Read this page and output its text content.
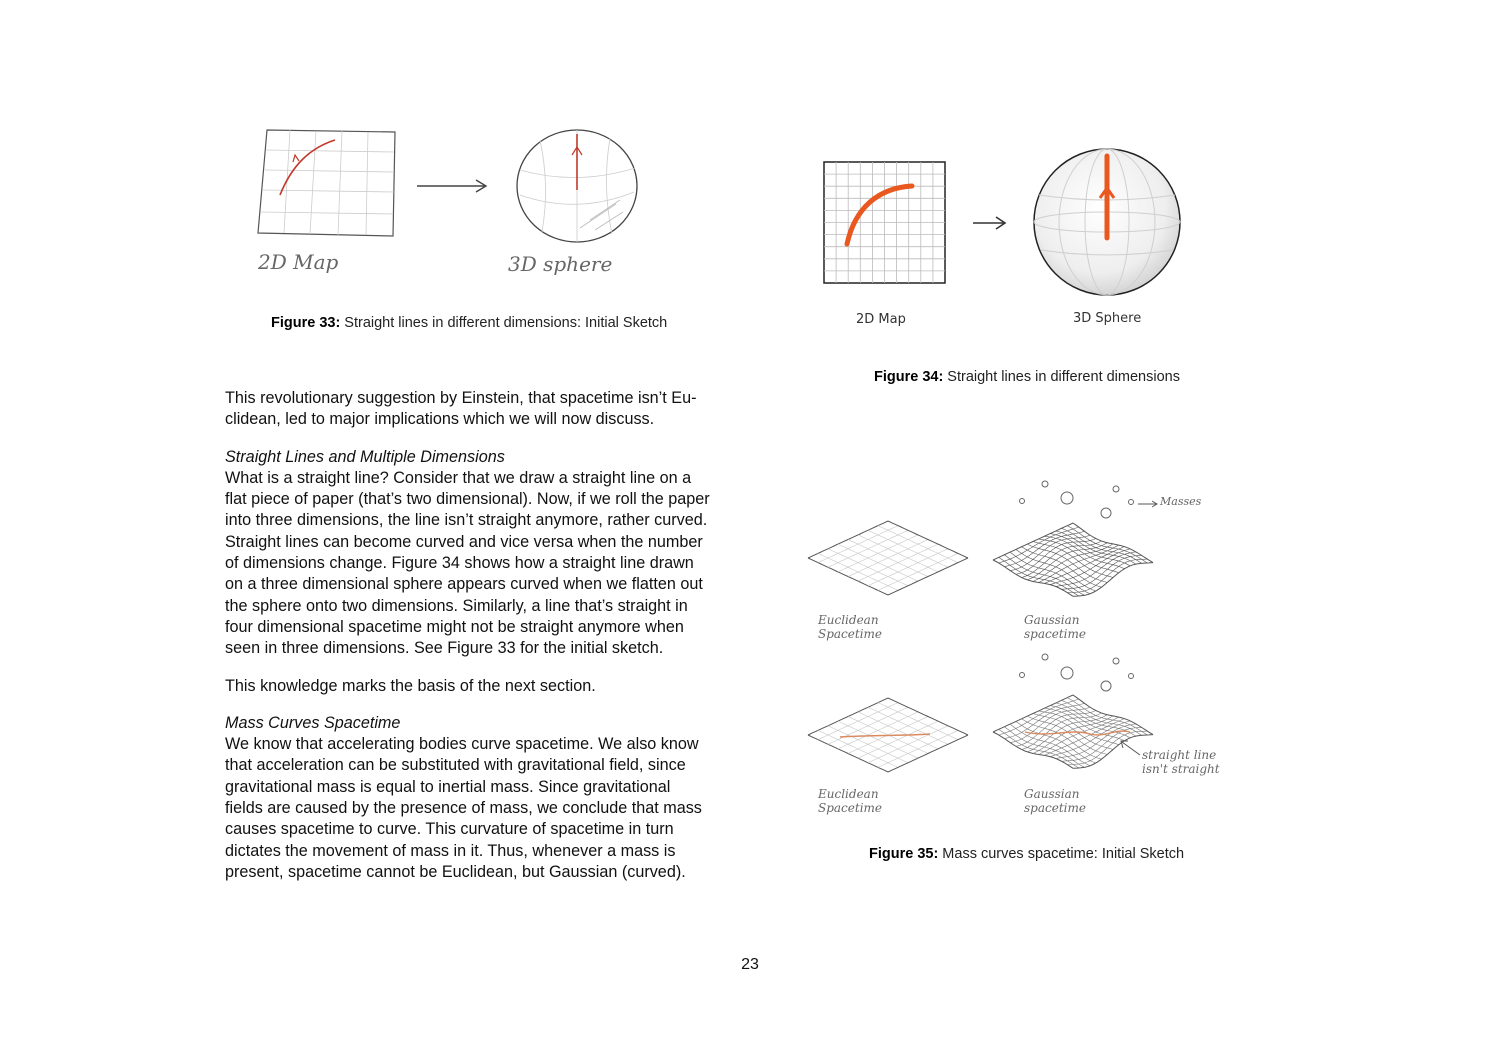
2D Map	3D sphere
Figure 33: Straight lines in different dimensions: Initial Sketch	2D Map	3D Sphere
Figure 34: Straight lines in different dimensions
Masses
Euclidean
Spacetime
Gaussian
spacetime
Euclidean
Spacetime
Gaussian
spacetime
straight line
isn't straight
Figure 35: Mass curves spacetime: Initial Sketch

This revolutionary suggestion by Einstein, that spacetime isn’t Eu-

clidean, led to major implications which we will now discuss.

Straight Lines and Multiple Dimensions

What is a straight line? Consider that we draw a straight line on a

flat piece of paper (that’s two dimensional). Now, if we roll the paper

into three dimensions, the line isn’t straight anymore, rather curved.

Straight lines can become curved and vice versa when the number

of dimensions change. Figure 34 shows how a straight line drawn

on a three dimensional sphere appears curved when we flatten out

the sphere onto two dimensions. Similarly, a line that’s straight in

four dimensional spacetime might not be straight anymore when

seen in three dimensions. See Figure 33 for the initial sketch.

This knowledge marks the basis of the next section.

Mass Curves Spacetime

We know that accelerating bodies curve spacetime. We also know

that acceleration can be substituted with gravitational field, since

gravitational mass is equal to inertial mass. Since gravitational

fields are caused by the presence of mass, we conclude that mass

causes spacetime to curve. This curvature of spacetime in turn

dictates the movement of mass in it. Thus, whenever a mass is

present, spacetime cannot be Euclidean, but Gaussian (curved).

23
